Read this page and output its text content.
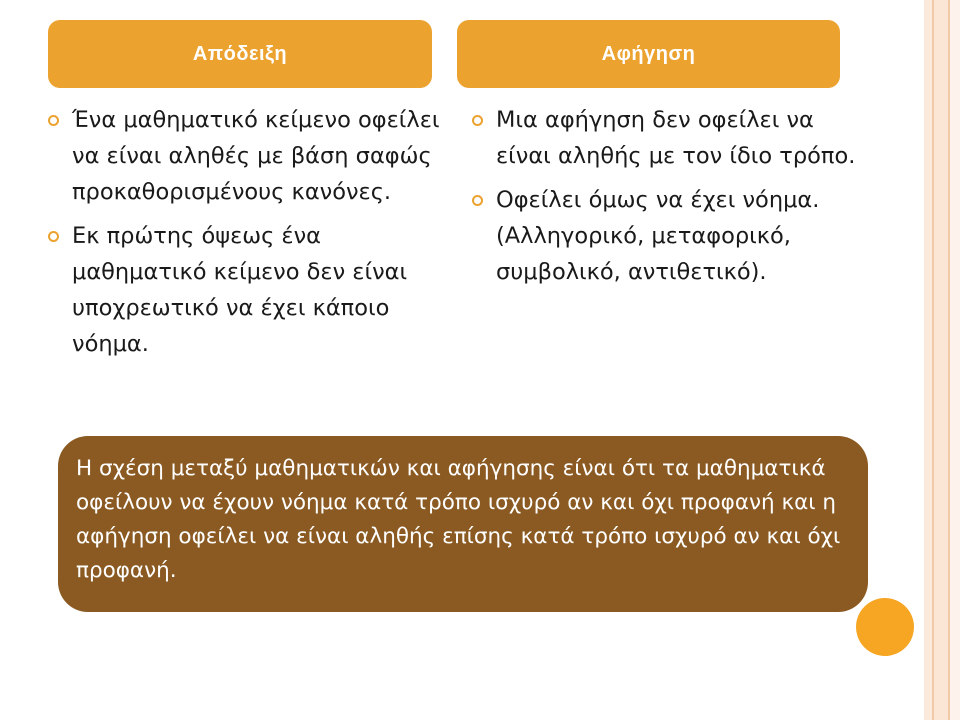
Απόδειξη	Αφήγηση
Ένα μαθηματικό κείμενο οφείλει να είναι αληθές με βάση σαφώς προκαθορισμένους κανόνες.
Εκ πρώτης όψεως ένα μαθηματικό κείμενο δεν είναι υποχρεωτικό να έχει κάποιο νόημα.
Μια αφήγηση δεν οφείλει να είναι αληθής με τον ίδιο τρόπο.
Οφείλει όμως να έχει νόημα. (Αλληγορικό, μεταφορικό, συμβολικό, αντιθετικό).
Η σχέση μεταξύ μαθηματικών και αφήγησης είναι ότι τα μαθηματικά οφείλουν να έχουν νόημα κατά τρόπο ισχυρό αν και όχι προφανή και η αφήγηση οφείλει να είναι αληθής επίσης κατά τρόπο ισχυρό αν και όχι προφανή.
